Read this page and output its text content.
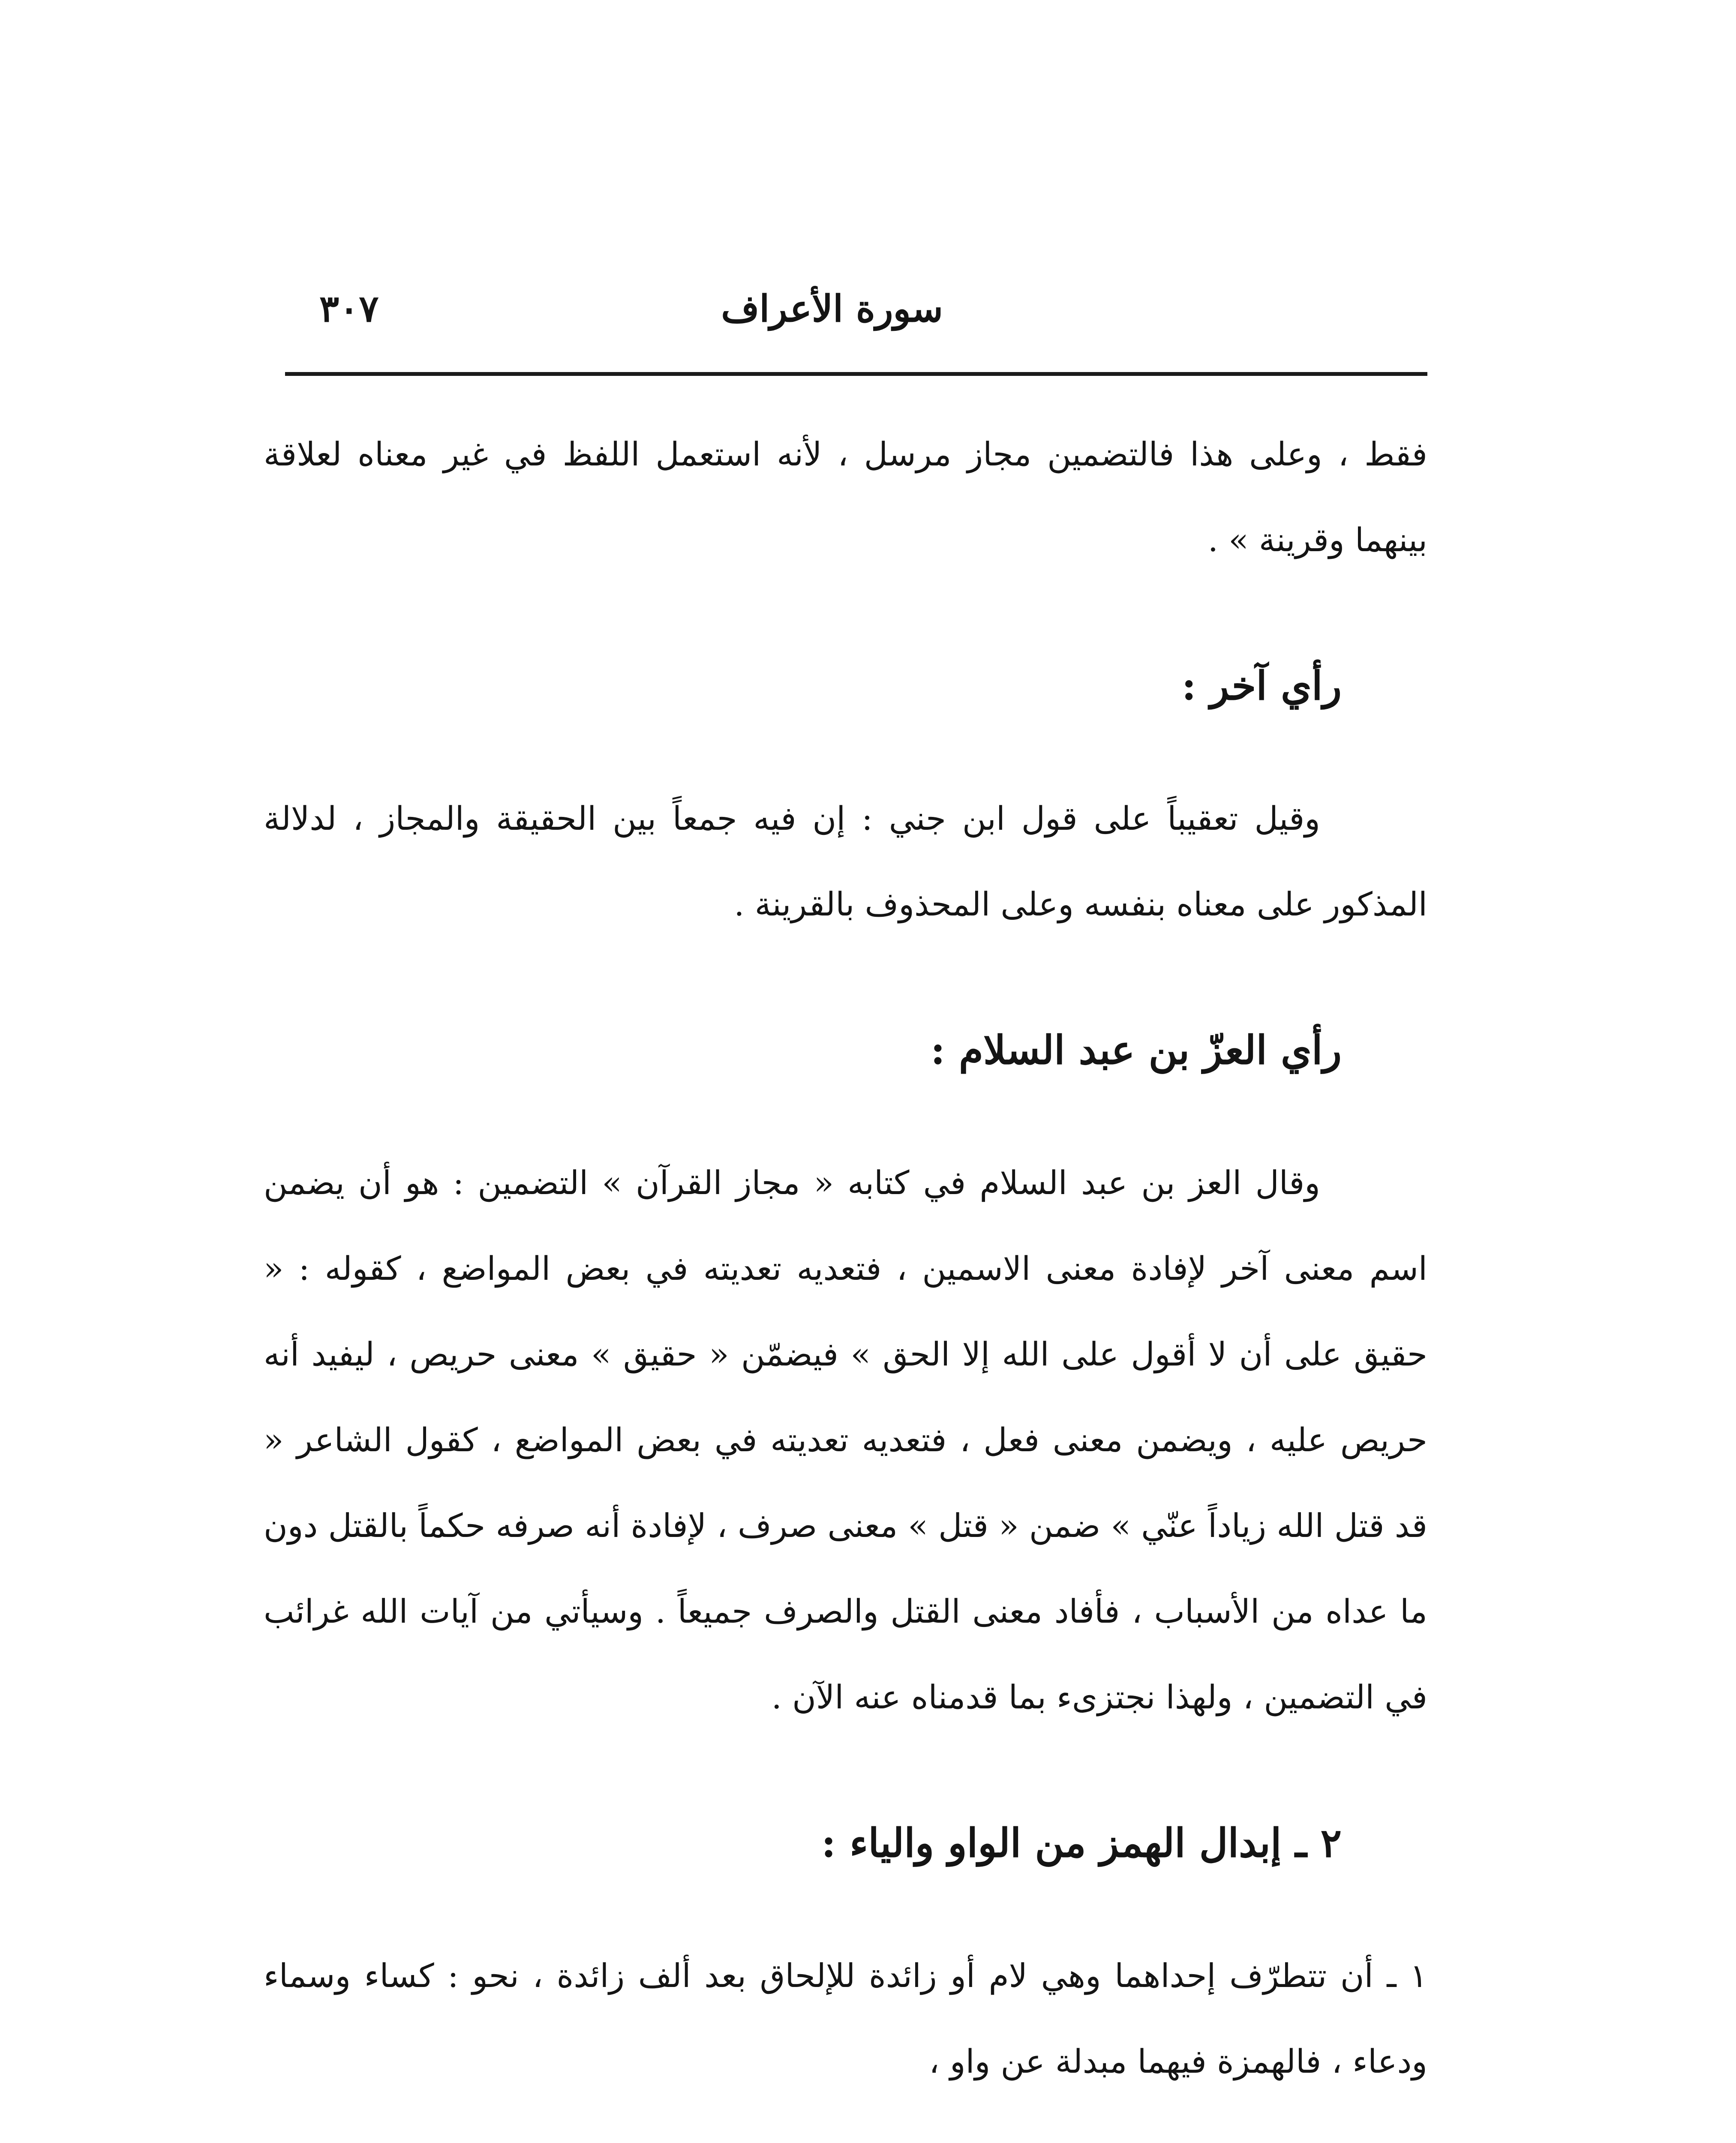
سورة الأعراف
٣٠٧

فقط ، وعلى هذا فالتضمين مجاز مرسل ، لأنه استعمل اللفظ في غير معناه لعلاقة بينهما وقرينة » .

رأي آخر :

وقيل تعقيباً على قول ابن جني : إن فيه جمعاً بين الحقيقة والمجاز ، لدلالة المذكور على معناه بنفسه وعلى المحذوف بالقرينة .

رأي العزّ بن عبد السلام :

وقال العز بن عبد السلام في كتابه « مجاز القرآن » التضمين : هو أن يضمن اسم معنى آخر لإفادة معنى الاسمين ، فتعديه تعديته في بعض المواضع ، كقوله : « حقيق على أن لا أقول على الله إلا الحق » فيضمّن « حقيق » معنى حريص ، ليفيد أنه حريص عليه ، ويضمن معنى فعل ، فتعديه تعديته في بعض المواضع ، كقول الشاعر « قد قتل الله زياداً عنّي » ضمن « قتل » معنى صرف ، لإفادة أنه صرفه حكماً بالقتل دون ما عداه من الأسباب ، فأفاد معنى القتل والصرف جميعاً . وسيأتي من آيات الله غرائب في التضمين ، ولهذا نجتزىء بما قدمناه عنه الآن .

٢ ـ إبدال الهمز من الواو والياء :

١ ـ أن تتطرّف إحداهما وهي لام أو زائدة للإلحاق بعد ألف زائدة ، نحو : كساء وسماء ودعاء ، فالهمزة فيهما مبدلة عن واو ،
